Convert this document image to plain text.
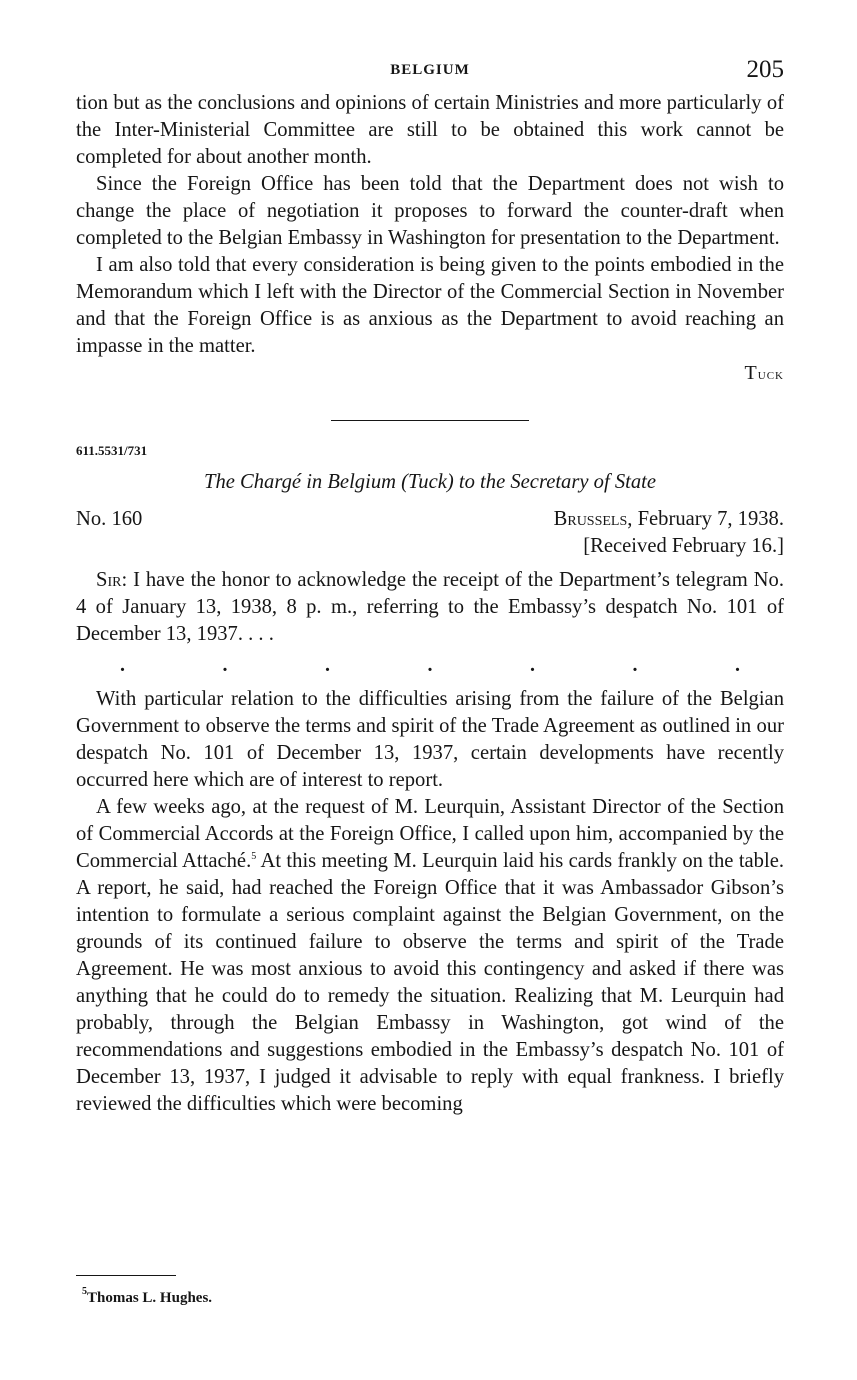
BELGIUM	205

tion but as the conclusions and opinions of certain Ministries and more particularly of the Inter-Ministerial Committee are still to be obtained this work cannot be completed for about another month.

Since the Foreign Office has been told that the Department does not wish to change the place of negotiation it proposes to forward the counter-draft when completed to the Belgian Embassy in Washington for presentation to the Department.

I am also told that every consideration is being given to the points embodied in the Memorandum which I left with the Director of the Commercial Section in November and that the Foreign Office is as anxious as the Department to avoid reaching an impasse in the matter.

Tuck
611.5531/731
The Chargé in Belgium (Tuck) to the Secretary of State
No. 160	Brussels, February 7, 1938.
[Received February 16.]

Sir: I have the honor to acknowledge the receipt of the Department’s telegram No. 4 of January 13, 1938, 8 p. m., referring to the Embassy’s despatch No. 101 of December 13, 1937. . . .

.	.	.	.	.	.	.

With particular relation to the difficulties arising from the failure of the Belgian Government to observe the terms and spirit of the Trade Agreement as outlined in our despatch No. 101 of December 13, 1937, certain developments have recently occurred here which are of interest to report.

A few weeks ago, at the request of M. Leurquin, Assistant Director of the Section of Commercial Accords at the Foreign Office, I called upon him, accompanied by the Commercial Attaché.$^5$ At this meeting M. Leurquin laid his cards frankly on the table. A report, he said, had reached the Foreign Office that it was Ambassador Gibson’s intention to formulate a serious complaint against the Belgian Government, on the grounds of its continued failure to observe the terms and spirit of the Trade Agreement. He was most anxious to avoid this contingency and asked if there was anything that he could do to remedy the situation. Realizing that M. Leurquin had probably, through the Belgian Embassy in Washington, got wind of the recommendations and suggestions embodied in the Embassy’s despatch No. 101 of December 13, 1937, I judged it advisable to reply with equal frankness. I briefly reviewed the difficulties which were becoming

$^5$Thomas L. Hughes.
